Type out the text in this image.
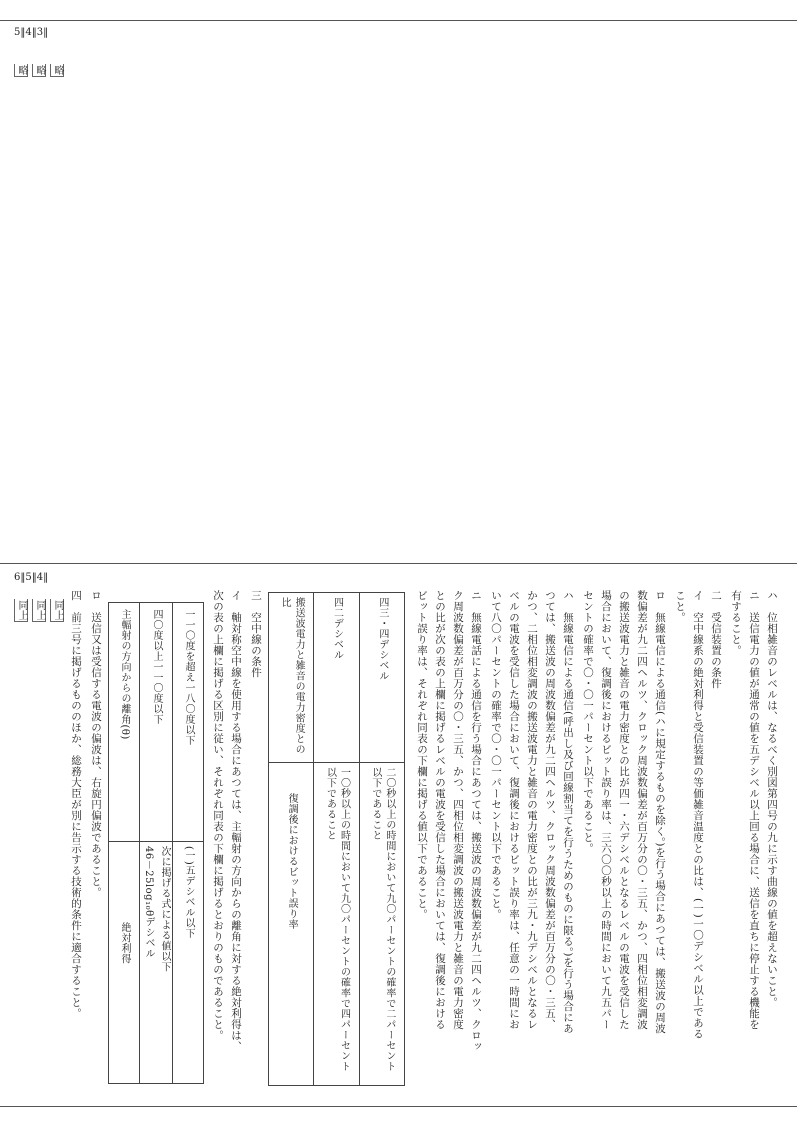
5‖4‖3‖
略 略 略
6‖5‖4‖
同上 同上 同上	ハ　位相雑音のレベルは、なるべく別図第四号の九に示す曲線の値を超えないこと。
ニ　送信電力の値が通常の値を五デシベル以上回る場合に、送信を直ちに停止する機能を
有すること。
二　受信装置の条件
イ　空中線系の絶対利得と受信装置の等価雑音温度との比は、(一)一〇デシベル以上である
こと。
ロ　無線電信による通信(ハに規定するものを除く。)を行う場合にあつては、搬送波の周波
数偏差が九二四ヘルツ、クロック周波数偏差が百万分の〇・三五、かつ、四相位相変調波
の搬送波電力と雑音の電力密度との比が四一・六デシベルとなるレベルの電波を受信した
場合において、復調後におけるビット誤り率は、三六〇〇秒以上の時間において九五パー
セントの確率で〇・〇一パーセント以下であること。
ハ　無線電信による通信(呼出し及び回線割当てを行うためのものに限る。)を行う場合にあ
つては、搬送波の周波数偏差が九二四ヘルツ、クロック周波数偏差が百万分の〇・三五、
かつ、二相位相変調波の搬送波電力と雑音の電力密度との比が三九・九デシベルとなるレ
ベルの電波を受信した場合において、復調後におけるビット誤り率は、任意の一時間にお
いて八〇パーセントの確率で〇・〇一パーセント以下であること。
ニ　無線電話による通信を行う場合にあつては、搬送波の周波数偏差が九二四ヘルツ、クロッ
ク周波数偏差が百万分の〇・三五、かつ、四相位相変調波の搬送波電力と雑音の電力密度
との比が次の表の上欄に掲げるレベルの電波を受信した場合においては、復調後における
ビット誤り率は、それぞれ同表の下欄に掲げる値以下であること。
搬送波電力と雑音の電力密度との比	四二デシベル	四三・四デシベル

復調後におけるビット誤り率	一〇秒以上の時間において九〇パーセントの確率で四パーセント以下であること	二〇秒以上の時間において九〇パーセントの確率で二パーセント以下であること
三　空中線の条件
イ　軸対称空中線を使用する場合にあつては、主輻射の方向からの離角に対する絶対利得は、
次の表の上欄に掲げる区別に従い、それぞれ同表の下欄に掲げるとおりのものであること。
主輻射の方向からの離角(θ)	四〇度以上一一〇度以下	一一〇度を超え一八〇度以下

絶対利得	次に掲げる式による値以下
46－25log₁₀θデシベル	(一)五デシベル以下
ロ　送信又は受信する電波の偏波は、右旋円偏波であること。
四　前三号に掲げるもののほか、総務大臣が別に告示する技術的条件に適合すること。
